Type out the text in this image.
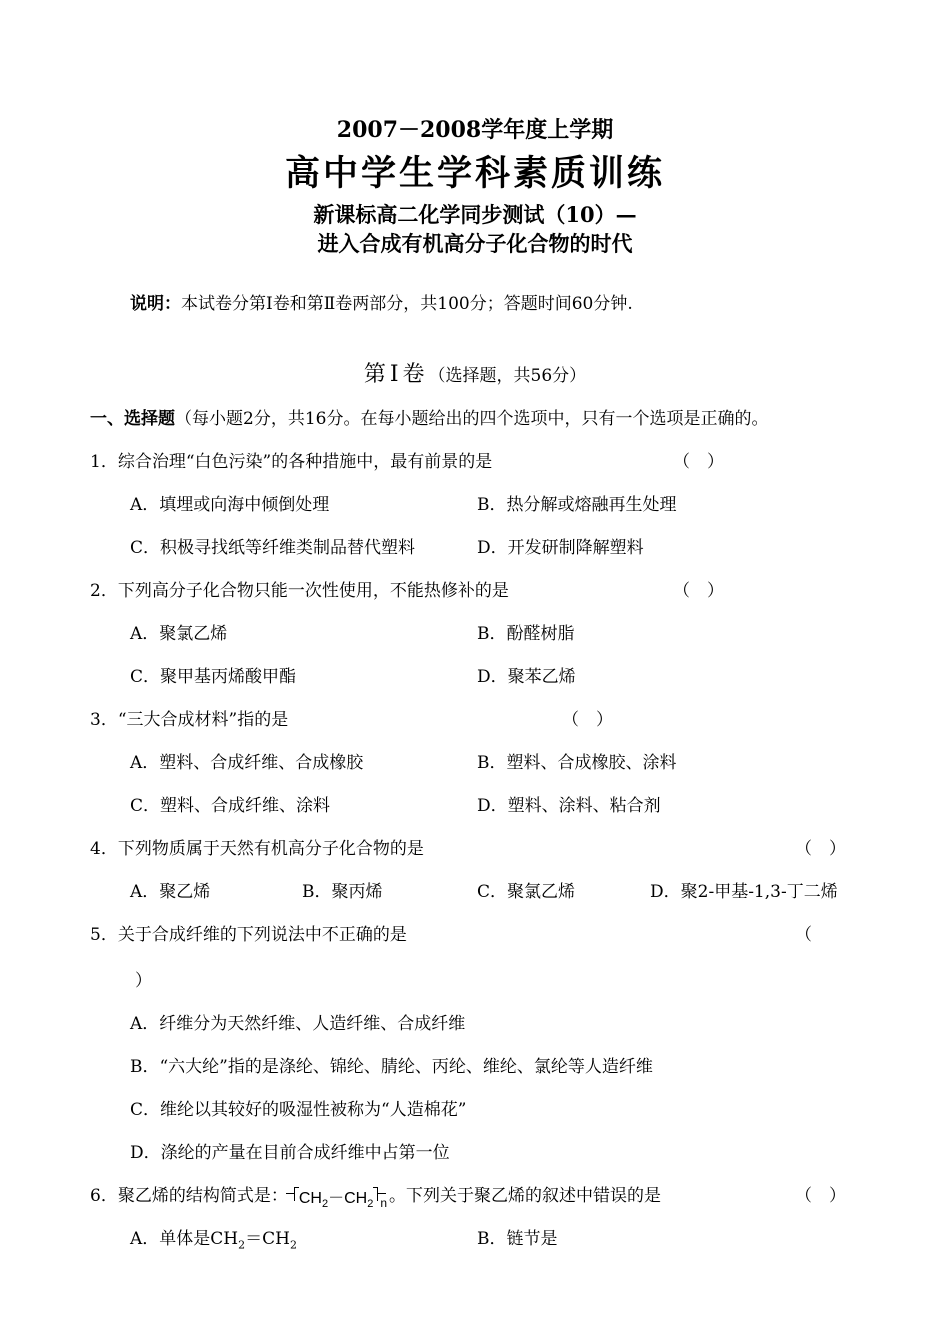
2007－2008学年度上学期
高中学生学科素质训练
新课标高二化学同步测试（10）—
进入合成有机高分子化合物的时代
说明：本试卷分第Ⅰ卷和第Ⅱ卷两部分，共100分；答题时间60分钟.
第Ⅰ卷（选择题，共56分）
一、选择题（每小题2分，共16分。在每小题给出的四个选项中，只有一个选项是正确的。
1．综合治理“白色污染”的各种措施中，最有前景的是	（　）
A．填埋或向海中倾倒处理	B．热分解或熔融再生处理
C．积极寻找纸等纤维类制品替代塑料	D．开发研制降解塑料
2．下列高分子化合物只能一次性使用，不能热修补的是	（　）
A．聚氯乙烯	B．酚醛树脂
C．聚甲基丙烯酸甲酯	D．聚苯乙烯
3．“三大合成材料”指的是	（　）
A．塑料、合成纤维、合成橡胶	B．塑料、合成橡胶、涂料
C．塑料、合成纤维、涂料	D．塑料、涂料、粘合剂
4．下列物质属于天然有机高分子化合物的是	（　）
A．聚乙烯	B．聚丙烯	C．聚氯乙烯	D．聚2-甲基-1,3-丁二烯
5．关于合成纤维的下列说法中不正确的是	（
）
A．纤维分为天然纤维、人造纤维、合成纤维
B．“六大纶”指的是涤纶、锦纶、腈纶、丙纶、维纶、氯纶等人造纤维
C．维纶以其较好的吸湿性被称为“人造棉花”
D．涤纶的产量在目前合成纤维中占第一位
6．聚乙烯的结构简式是： $CH_2-CH_2$ $_n$ 。下列关于聚乙烯的叙述中错误的是	（　）
A．单体是$CH_2=CH_2$	B．链节是
